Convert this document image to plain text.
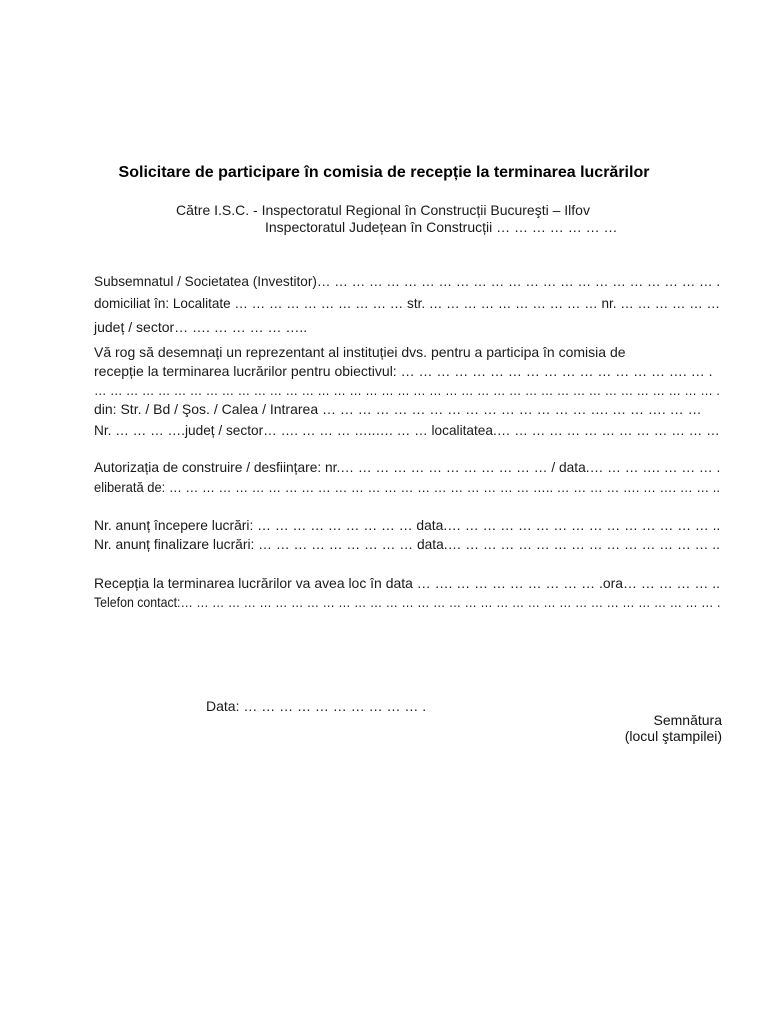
Solicitare de participare în comisia de recepție la terminarea lucrărilor

Către I.S.C. - Inspectoratul Regional în Construcții Bucureşti – Ilfov

Inspectoratul Județean în Construcții … … … … … … …

Subsemnatul / Societatea (Investitor)… … … … … … … … … … … … … … … … … … … … … … … .

domiciliat în: Localitate … … … … … … … … … … str. … … … … … … … … … … nr. … … … … … …

județ / sector… …. … … … … …..

Vă rog să desemnați un reprezentant al instituției dvs. pentru a participa în comisia de

recepție la terminarea lucrărilor pentru obiectivul: … … … … … … … … … … … … … … … …. … .

… … … … … … … … … … … … … … … … … … … … … … … … … … … … … … … … … … … … … … … .

din: Str. / Bd / Şos. / Calea / Intrarea … … … … … … … … … … … … … … … …. … … …. … …

Nr. … … … ….județ / sector… …. … … … …..…. … … localitatea.… … … … … … … … … … … … …

Autorizația de construire / desființare: nr.… … … … … … … … … … … … / data.… … … …. … … … .

eliberată de: … … … … … … … … … … … … … … … … … … … … … … ….. … … … … …. … …. … … ..

Nr. anunț începere lucrări: … … … … … … … … … data.… … … … … … … … … … … … … … … ..

Nr. anunț finalizare lucrări: … … … … … … … … … data.… … … … … … … … … … … … … … … ..

Recepția la terminarea lucrărilor va avea loc în data … …. … … … … … … … … .ora… … … … … ..

Telefon contact:… … … … … … … … … … … … … … … … … … … … … … … … … … … … … … … … … … .

Data: … … … … … … … … … … .

Semnătura

(locul ştampilei)
